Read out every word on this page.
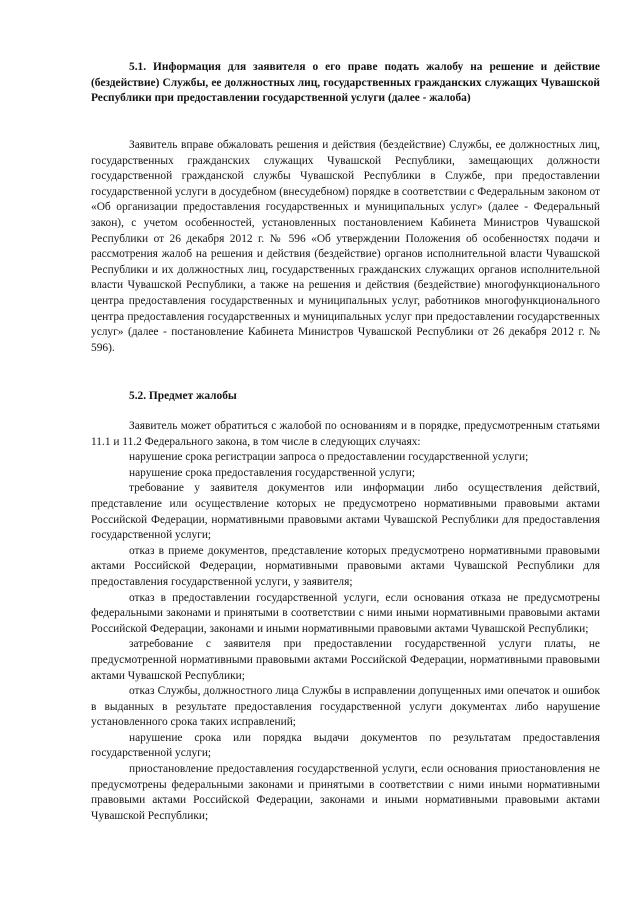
5.1. Информация для заявителя о его праве подать жалобу на решение и действие (бездействие) Службы, ее должностных лиц, государственных гражданских служащих Чувашской Республики при предоставлении государственной услуги (далее - жалоба)

Заявитель вправе обжаловать решения и действия (бездействие) Службы, ее должностных лиц, государственных гражданских служащих Чувашской Республики, замещающих должности государственной гражданской службы Чувашской Республики в Службе, при предоставлении государственной услуги в досудебном (внесудебном) порядке в соответствии с Федеральным законом от «Об организации предоставления государственных и муниципальных услуг» (далее - Федеральный закон), с учетом особенностей, установленных постановлением Кабинета Министров Чувашской Республики от 26 декабря 2012 г. № 596 «Об утверждении Положения об особенностях подачи и рассмотрения жалоб на решения и действия (бездействие) органов исполнительной власти Чувашской Республики и их должностных лиц, государственных гражданских служащих органов исполнительной власти Чувашской Республики, а также на решения и действия (бездействие) многофункционального центра предоставления государственных и муниципальных услуг, работников многофункционального центра предоставления государственных и муниципальных услуг при предоставлении государственных услуг» (далее - постановление Кабинета Министров Чувашской Республики от 26 декабря 2012 г. № 596).

5.2. Предмет жалобы

Заявитель может обратиться с жалобой по основаниям и в порядке, предусмотренным статьями 11.1 и 11.2 Федерального закона, в том числе в следующих случаях:

нарушение срока регистрации запроса о предоставлении государственной услуги;

нарушение срока предоставления государственной услуги;

требование у заявителя документов или информации либо осуществления действий, представление или осуществление которых не предусмотрено нормативными правовыми актами Российской Федерации, нормативными правовыми актами Чувашской Республики для предоставления государственной услуги;

отказ в приеме документов, представление которых предусмотрено нормативными правовыми актами Российской Федерации, нормативными правовыми актами Чувашской Республики для предоставления государственной услуги, у заявителя;

отказ в предоставлении государственной услуги, если основания отказа не предусмотрены федеральными законами и принятыми в соответствии с ними иными нормативными правовыми актами Российской Федерации, законами и иными нормативными правовыми актами Чувашской Республики;

затребование с заявителя при предоставлении государственной услуги платы, не предусмотренной нормативными правовыми актами Российской Федерации, нормативными правовыми актами Чувашской Республики;

отказ Службы, должностного лица Службы в исправлении допущенных ими опечаток и ошибок в выданных в результате предоставления государственной услуги документах либо нарушение установленного срока таких исправлений;

нарушение срока или порядка выдачи документов по результатам предоставления государственной услуги;

приостановление предоставления государственной услуги, если основания приостановления не предусмотрены федеральными законами и принятыми в соответствии с ними иными нормативными правовыми актами Российской Федерации, законами и иными нормативными правовыми актами Чувашской Республики;
